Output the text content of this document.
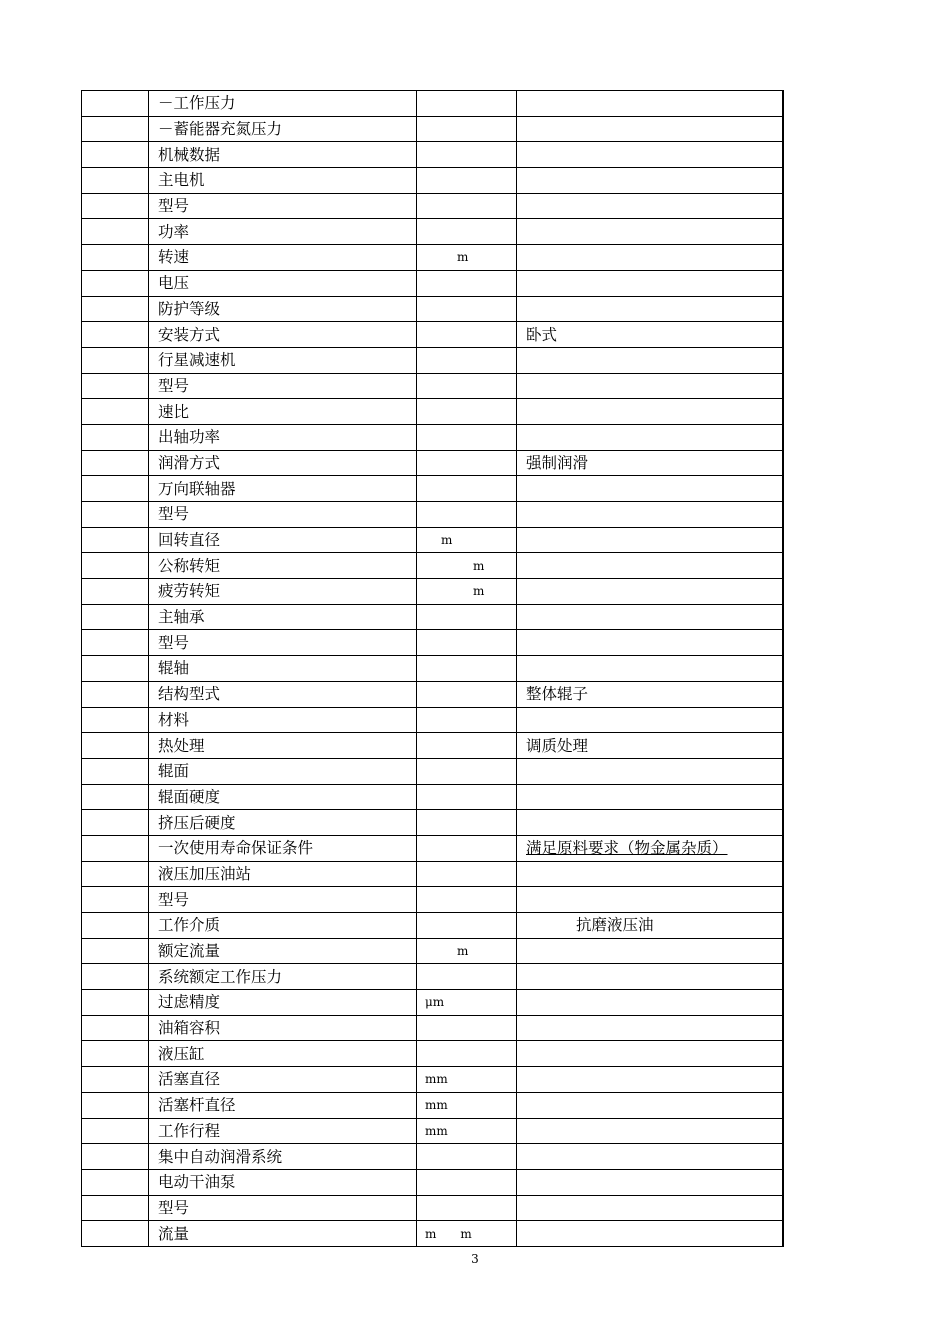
	－工作压力		
	－蓄能器充氮压力		
	机械数据		
	主电机		
	型号		
	功率		
	转速	m	
	电压		
	防护等级		
	安装方式		卧式
	行星减速机		
	型号		
	速比		
	出轴功率		
	润滑方式		强制润滑
	万向联轴器		
	型号		
	回转直径	m	
	公称转矩	m	
	疲劳转矩	m	
	主轴承		
	型号		
	辊轴		
	结构型式		整体辊子
	材料		
	热处理		调质处理
	辊面		
	辊面硬度		
	挤压后硬度		
	一次使用寿命保证条件		满足原料要求（物金属杂质）
	液压加压油站		
	型号		
	工作介质		抗磨液压油
	额定流量	m	
	系统额定工作压力		
	过虑精度	μm	
	油箱容积		
	液压缸		
	活塞直径	mm	
	活塞杆直径	mm	
	工作行程	mm	
	集中自动润滑系统		
	电动干油泵		
	型号		
	流量	m　　m	
3
